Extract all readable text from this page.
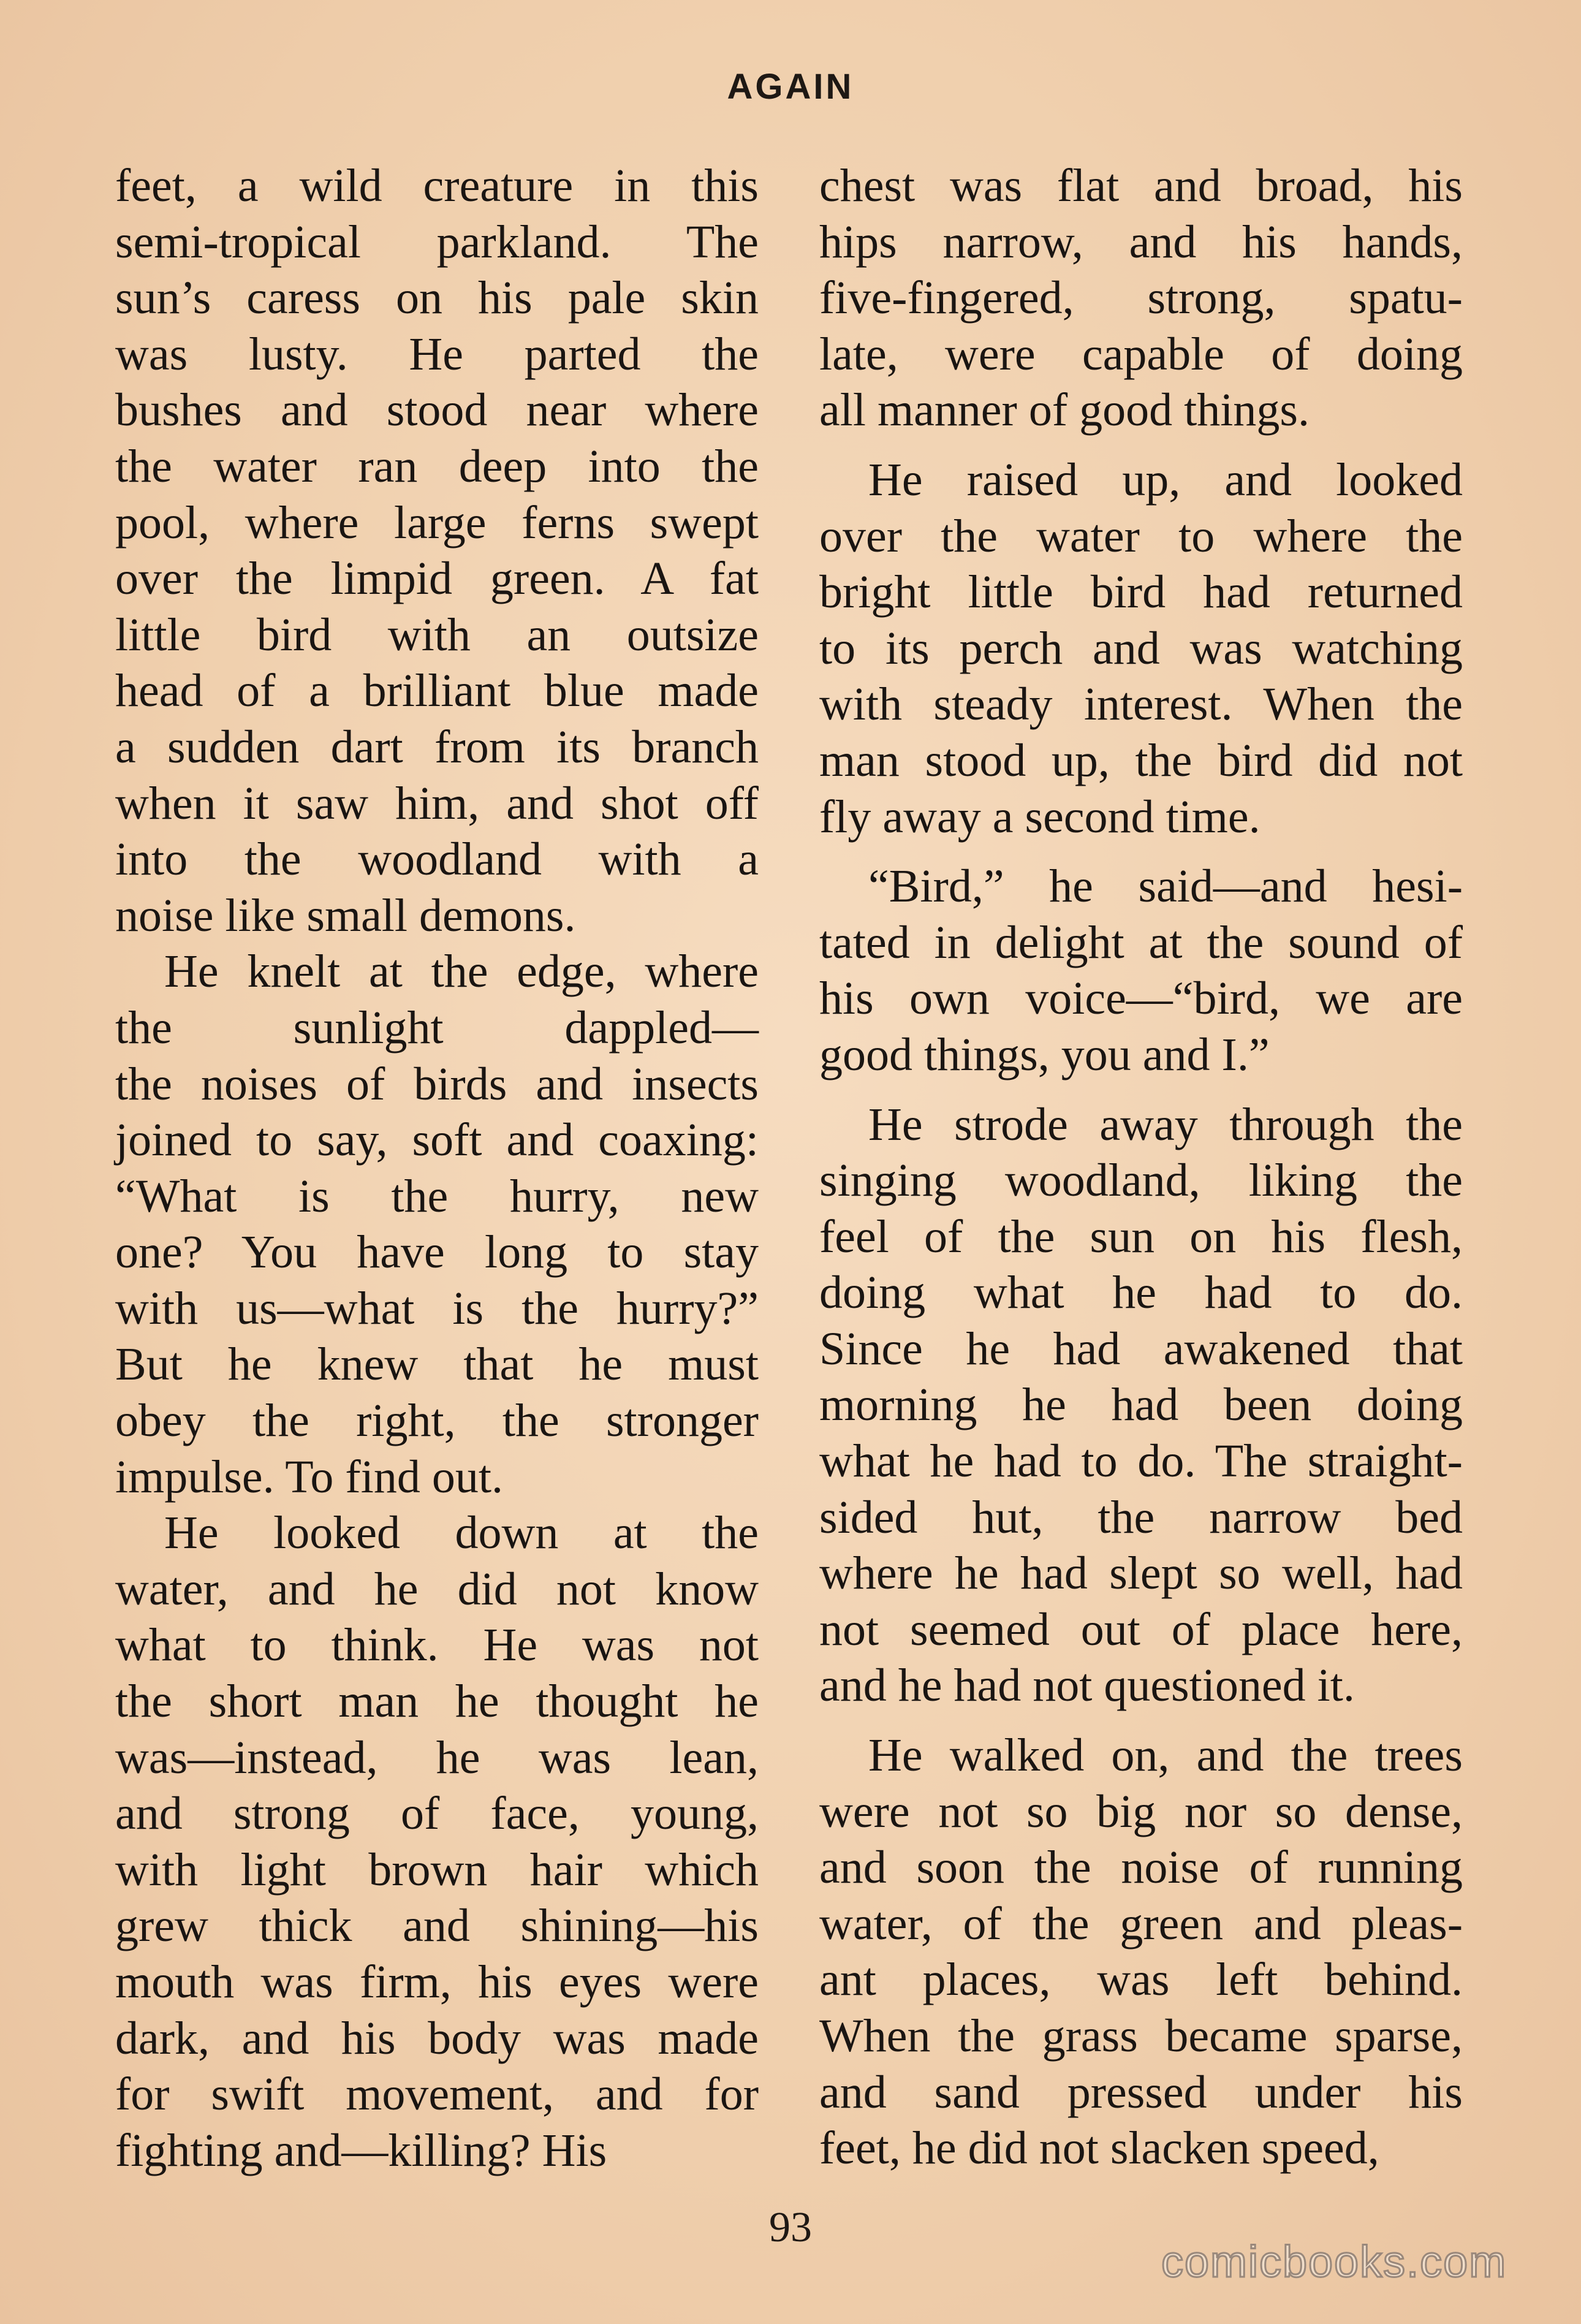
AGAIN

feet, a wild creature in this
semi-tropical parkland. The
sun’s caress on his pale skin
was lusty. He parted the
bushes and stood near where
the water ran deep into the
pool, where large ferns swept
over the limpid green. A fat
little bird with an outsize
head of a brilliant blue made
a sudden dart from its branch
when it saw him, and shot off
into the woodland with a
noise like small demons.

He knelt at the edge, where
the sunlight dappled—
the noises of birds and insects
joined to say, soft and coaxing:
“What is the hurry, new
one? You have long to stay
with us—what is the hurry?”
But he knew that he must
obey the right, the stronger
impulse. To find out.

He looked down at the
water, and he did not know
what to think. He was not
the short man he thought he
was—instead, he was lean,
and strong of face, young,
with light brown hair which
grew thick and shining—his
mouth was firm, his eyes were
dark, and his body was made
for swift movement, and for
fighting and—killing? His

chest was flat and broad, his
hips narrow, and his hands,
five-fingered, strong, spatu-
late, were capable of doing
all manner of good things.

He raised up, and looked
over the water to where the
bright little bird had returned
to its perch and was watching
with steady interest. When the
man stood up, the bird did not
fly away a second time.

“Bird,” he said—and hesi-
tated in delight at the sound of
his own voice—“bird, we are
good things, you and I.”

He strode away through the
singing woodland, liking the
feel of the sun on his flesh,
doing what he had to do.
Since he had awakened that
morning he had been doing
what he had to do. The straight-
sided hut, the narrow bed
where he had slept so well, had
not seemed out of place here,
and he had not questioned it.

He walked on, and the trees
were not so big nor so dense,
and soon the noise of running
water, of the green and pleas-
ant places, was left behind.
When the grass became sparse,
and sand pressed under his
feet, he did not slacken speed,

93
comicbooks.com
